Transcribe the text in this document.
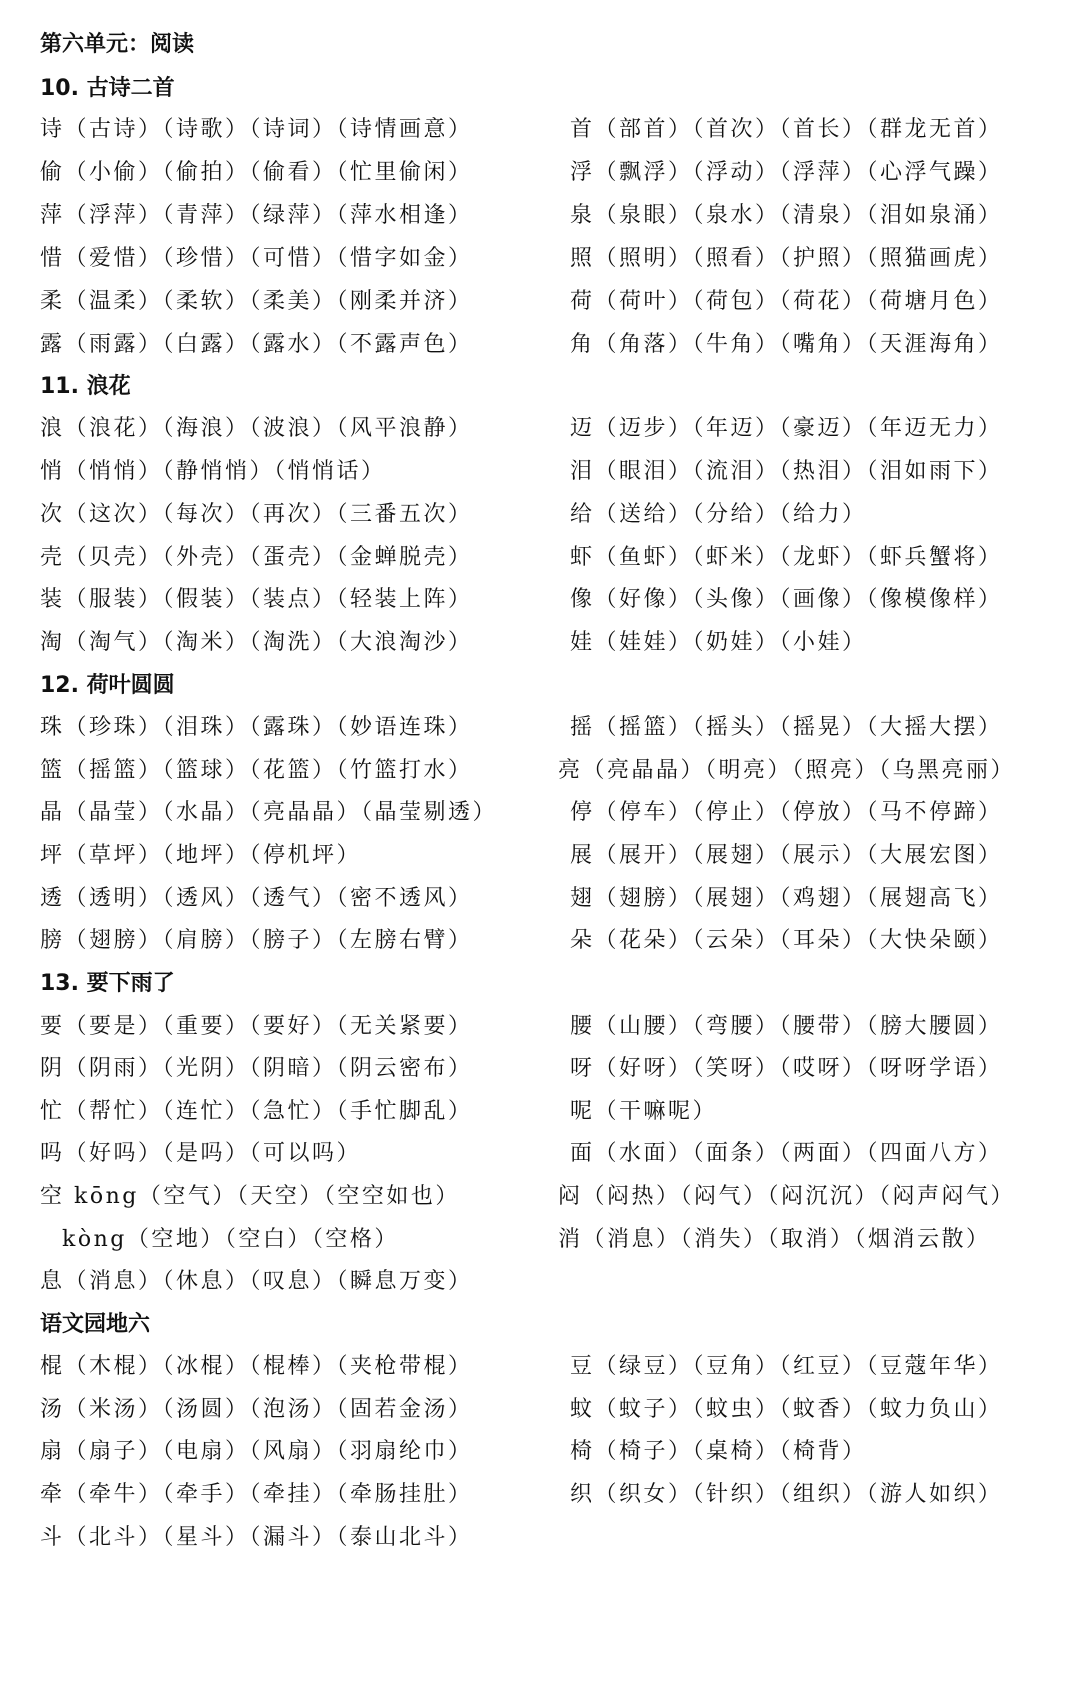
第六单元：阅读
10. 古诗二首
诗（古诗）（诗歌）（诗词）（诗情画意）	首（部首）（首次）（首长）（群龙无首）
偷（小偷）（偷拍）（偷看）（忙里偷闲）	浮（飘浮）（浮动）（浮萍）（心浮气躁）
萍（浮萍）（青萍）（绿萍）（萍水相逢）	泉（泉眼）（泉水）（清泉）（泪如泉涌）
惜（爱惜）（珍惜）（可惜）（惜字如金）	照（照明）（照看）（护照）（照猫画虎）
柔（温柔）（柔软）（柔美）（刚柔并济）	荷（荷叶）（荷包）（荷花）（荷塘月色）
露（雨露）（白露）（露水）（不露声色）	角（角落）（牛角）（嘴角）（天涯海角）
11. 浪花
浪（浪花）（海浪）（波浪）（风平浪静）	迈（迈步）（年迈）（豪迈）（年迈无力）
悄（悄悄）（静悄悄）（悄悄话）	泪（眼泪）（流泪）（热泪）（泪如雨下）
次（这次）（每次）（再次）（三番五次）	给（送给）（分给）（给力）
壳（贝壳）（外壳）（蛋壳）（金蝉脱壳）	虾（鱼虾）（虾米）（龙虾）（虾兵蟹将）
装（服装）（假装）（装点）（轻装上阵）	像（好像）（头像）（画像）（像模像样）
淘（淘气）（淘米）（淘洗）（大浪淘沙）	娃（娃娃）（奶娃）（小娃）
12. 荷叶圆圆
珠（珍珠）（泪珠）（露珠）（妙语连珠）	摇（摇篮）（摇头）（摇晃）（大摇大摆）
篮（摇篮）（篮球）（花篮）（竹篮打水）	亮（亮晶晶）（明亮）（照亮）（乌黑亮丽）
晶（晶莹）（水晶）（亮晶晶）（晶莹剔透）	停（停车）（停止）（停放）（马不停蹄）
坪（草坪）（地坪）（停机坪）	展（展开）（展翅）（展示）（大展宏图）
透（透明）（透风）（透气）（密不透风）	翅（翅膀）（展翅）（鸡翅）（展翅高飞）
膀（翅膀）（肩膀）（膀子）（左膀右臂）	朵（花朵）（云朵）（耳朵）（大快朵颐）
13. 要下雨了
要（要是）（重要）（要好）（无关紧要）	腰（山腰）（弯腰）（腰带）（膀大腰圆）
阴（阴雨）（光阴）（阴暗）（阴云密布）	呀（好呀）（笑呀）（哎呀）（呀呀学语）
忙（帮忙）（连忙）（急忙）（手忙脚乱）	呢（干嘛呢）
吗（好吗）（是吗）（可以吗）	面（水面）（面条）（两面）（四面八方）
空 kōng（空气）（天空）（空空如也）	闷（闷热）（闷气）（闷沉沉）（闷声闷气）
kòng（空地）（空白）（空格）	消（消息）（消失）（取消）（烟消云散）
息（消息）（休息）（叹息）（瞬息万变）
语文园地六
棍（木棍）（冰棍）（棍棒）（夹枪带棍）	豆（绿豆）（豆角）（红豆）（豆蔻年华）
汤（米汤）（汤圆）（泡汤）（固若金汤）	蚊（蚊子）（蚊虫）（蚊香）（蚊力负山）
扇（扇子）（电扇）（风扇）（羽扇纶巾）	椅（椅子）（桌椅）（椅背）
牵（牵牛）（牵手）（牵挂）（牵肠挂肚）	织（织女）（针织）（组织）（游人如织）
斗（北斗）（星斗）（漏斗）（泰山北斗）
